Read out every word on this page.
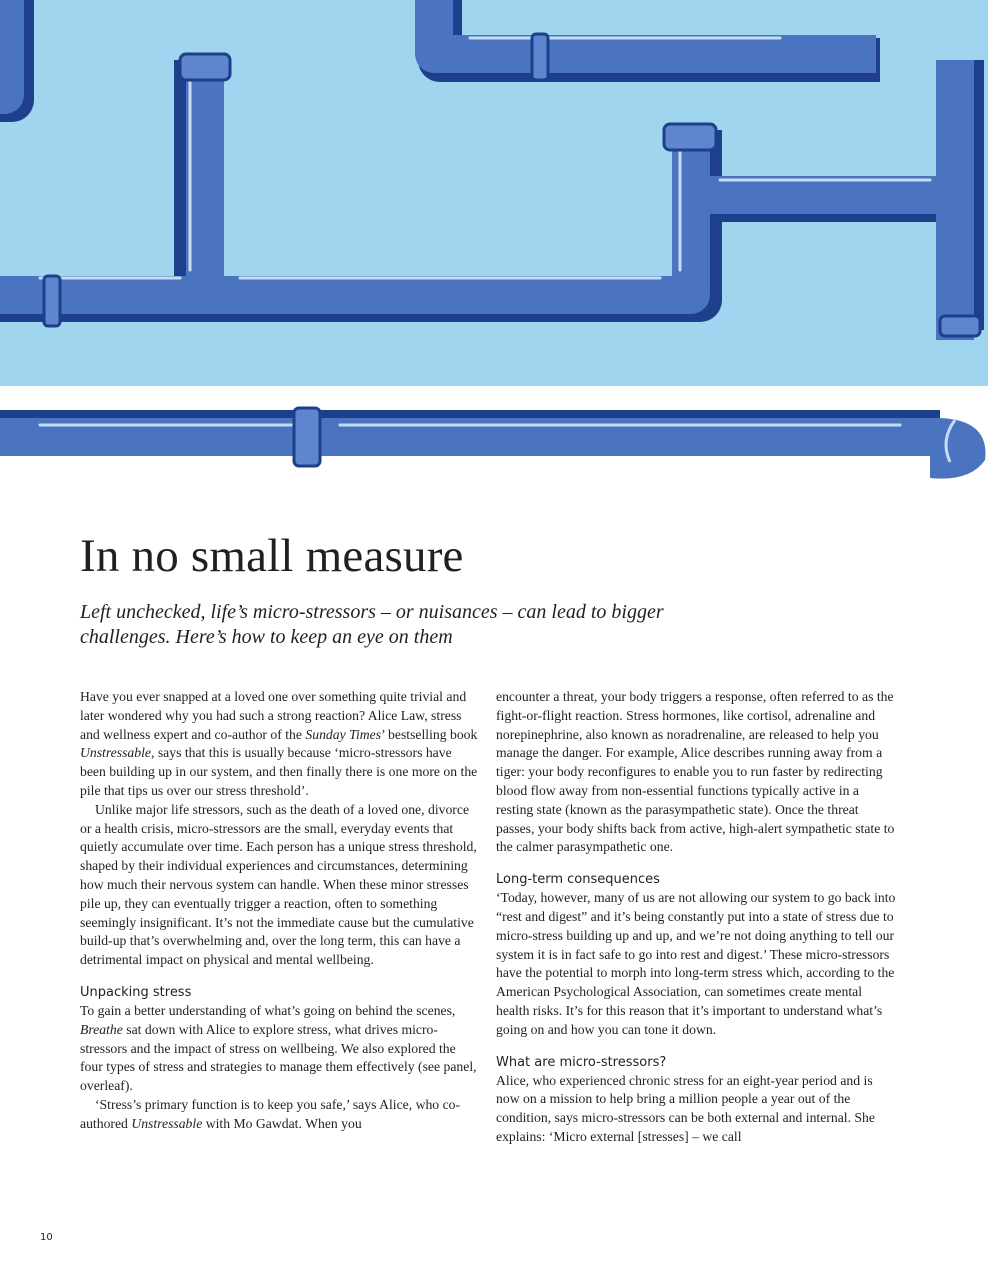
In no small measure

Left unchecked, life’s micro-stressors – or nuisances – can lead to bigger challenges. Here’s how to keep an eye on them

Have you ever snapped at a loved one over something quite trivial and later wondered why you had such a strong reaction? Alice Law, stress and wellness expert and co-author of the Sunday Times’ bestselling book Unstressable, says that this is usually because ‘micro-stressors have been building up in our system, and then finally there is one more on the pile that tips us over our stress threshold’.

Unlike major life stressors, such as the death of a loved one, divorce or a health crisis, micro-stressors are the small, everyday events that quietly accumulate over time. Each person has a unique stress threshold, shaped by their individual experiences and circumstances, determining how much their nervous system can handle. When these minor stresses pile up, they can eventually trigger a reaction, often to something seemingly insignificant. It’s not the immediate cause but the cumulative build-up that’s overwhelming and, over the long term, this can have a detrimental impact on physical and mental wellbeing.

Unpacking stress

To gain a better understanding of what’s going on behind the scenes, Breathe sat down with Alice to explore stress, what drives micro-stressors and the impact of stress on wellbeing. We also explored the four types of stress and strategies to manage them effectively (see panel, overleaf).

‘Stress’s primary function is to keep you safe,’ says Alice, who co-authored Unstressable with Mo Gawdat. When you

encounter a threat, your body triggers a response, often referred to as the fight-or-flight reaction. Stress hormones, like cortisol, adrenaline and norepinephrine, also known as noradrenaline, are released to help you manage the danger. For example, Alice describes running away from a tiger: your body reconfigures to enable you to run faster by redirecting blood flow away from non-essential functions typically active in a resting state (known as the parasympathetic state). Once the threat passes, your body shifts back from active, high-alert sympathetic state to the calmer parasympathetic one.

Long-term consequences

‘Today, however, many of us are not allowing our system to go back into “rest and digest” and it’s being constantly put into a state of stress due to micro-stress building up and up, and we’re not doing anything to tell our system it is in fact safe to go into rest and digest.’ These micro-stressors have the potential to morph into long-term stress which, according to the American Psychological Association, can sometimes create mental health risks. It’s for this reason that it’s important to understand what’s going on and how you can tone it down.

What are micro-stressors?

Alice, who experienced chronic stress for an eight-year period and is now on a mission to help bring a million people a year out of the condition, says micro-stressors can be both external and internal. She explains: ‘Micro external [stresses] – we call

10
